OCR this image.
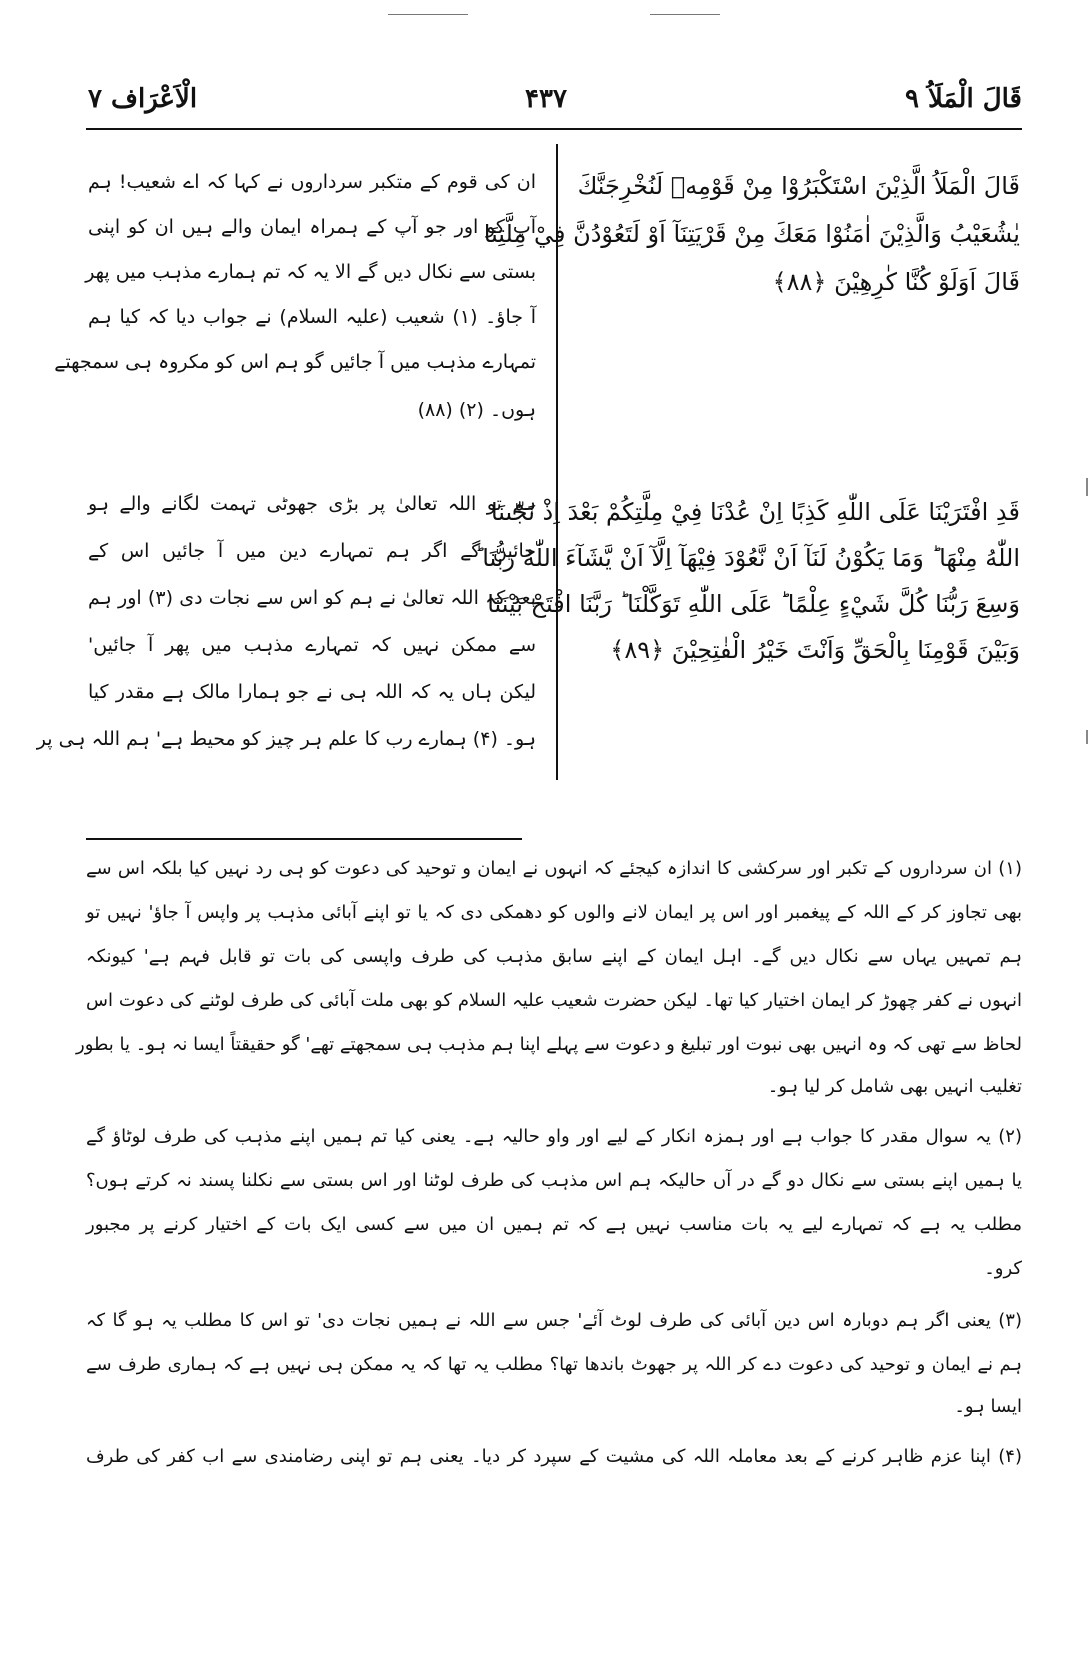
قَالَ الْمَلَاُ ۹
۴۳۷
الْاَعْرَاف ۷
قَالَ الْمَلَاُ الَّذِيْنَ اسْتَكْبَرُوْا مِنْ قَوْمِهٖ لَنُخْرِجَنَّكَ
يٰشُعَيْبُ وَالَّذِيْنَ اٰمَنُوْا مَعَكَ مِنْ قَرْيَتِنَآ اَوْ لَتَعُوْدُنَّ فِيْ مِلَّتِنَا
قَالَ اَوَلَوْ كُنَّا كٰرِهِيْنَ ﴿۸۸﴾
ان کی قوم کے متکبر سرداروں نے کہا کہ اے شعیب! ہم
آپ کو اور جو آپ کے ہمراہ ایمان والے ہیں ان کو اپنی
بستی سے نکال دیں گے الا یہ کہ تم ہمارے مذہب میں پھر
آ جاؤ۔ (۱) شعیب (علیہ السلام) نے جواب دیا کہ کیا ہم
تمہارے مذہب میں آ جائیں گو ہم اس کو مکروہ ہی سمجھتے
ہوں۔ (۲) (۸۸)
قَدِ افْتَرَيْنَا عَلَى اللّٰهِ كَذِبًا اِنْ عُدْنَا فِيْ مِلَّتِكُمْ بَعْدَ اِذْ نَجّٰىنَا
اللّٰهُ مِنْهَا ؕ وَمَا يَكُوْنُ لَنَآ اَنْ نَّعُوْدَ فِيْهَآ اِلَّآ اَنْ يَّشَآءَ اللّٰهُ رَبُّنَا ؕ
وَسِعَ رَبُّنَا كُلَّ شَيْءٍ عِلْمًا ؕ عَلَى اللّٰهِ تَوَكَّلْنَا ؕ رَبَّنَا افْتَحْ بَيْنَنَا
وَبَيْنَ قَوْمِنَا بِالْحَقِّ وَاَنْتَ خَيْرُ الْفٰتِحِيْنَ ﴿۸۹﴾
ہم تو اللہ تعالیٰ پر بڑی جھوٹی تہمت لگانے والے ہو
جائیں گے اگر ہم تمہارے دین میں آ جائیں اس کے
بعد کہ اللہ تعالیٰ نے ہم کو اس سے نجات دی (۳) اور ہم
سے ممکن نہیں کہ تمہارے مذہب میں پھر آ جائیں'
لیکن ہاں یہ کہ اللہ ہی نے جو ہمارا مالک ہے مقدر کیا
ہو۔ (۴) ہمارے رب کا علم ہر چیز کو محیط ہے' ہم اللہ ہی پر
(۱) ان سرداروں کے تکبر اور سرکشی کا اندازہ کیجئے کہ انہوں نے ایمان و توحید کی دعوت کو ہی رد نہیں کیا بلکہ اس سے
بھی تجاوز کر کے اللہ کے پیغمبر اور اس پر ایمان لانے والوں کو دھمکی دی کہ یا تو اپنے آبائی مذہب پر واپس آ جاؤ' نہیں تو
ہم تمہیں یہاں سے نکال دیں گے۔ اہل ایمان کے اپنے سابق مذہب کی طرف واپسی کی بات تو قابل فہم ہے' کیونکہ
انہوں نے کفر چھوڑ کر ایمان اختیار کیا تھا۔ لیکن حضرت شعیب علیہ السلام کو بھی ملت آبائی کی طرف لوٹنے کی دعوت اس
لحاظ سے تھی کہ وہ انہیں بھی نبوت اور تبلیغ و دعوت سے پہلے اپنا ہم مذہب ہی سمجھتے تھے' گو حقیقتاً ایسا نہ ہو۔ یا بطور
تغلیب انہیں بھی شامل کر لیا ہو۔
(۲) یہ سوال مقدر کا جواب ہے اور ہمزہ انکار کے لیے اور واو حالیہ ہے۔ یعنی کیا تم ہمیں اپنے مذہب کی طرف لوٹاؤ گے
یا ہمیں اپنے بستی سے نکال دو گے در آں حالیکہ ہم اس مذہب کی طرف لوٹنا اور اس بستی سے نکلنا پسند نہ کرتے ہوں؟
مطلب یہ ہے کہ تمہارے لیے یہ بات مناسب نہیں ہے کہ تم ہمیں ان میں سے کسی ایک بات کے اختیار کرنے پر مجبور
کرو۔
(۳) یعنی اگر ہم دوبارہ اس دین آبائی کی طرف لوٹ آئے' جس سے اللہ نے ہمیں نجات دی' تو اس کا مطلب یہ ہو گا کہ
ہم نے ایمان و توحید کی دعوت دے کر اللہ پر جھوٹ باندھا تھا؟ مطلب یہ تھا کہ یہ ممکن ہی نہیں ہے کہ ہماری طرف سے
ایسا ہو۔
(۴) اپنا عزم ظاہر کرنے کے بعد معاملہ اللہ کی مشیت کے سپرد کر دیا۔ یعنی ہم تو اپنی رضامندی سے اب کفر کی طرف
